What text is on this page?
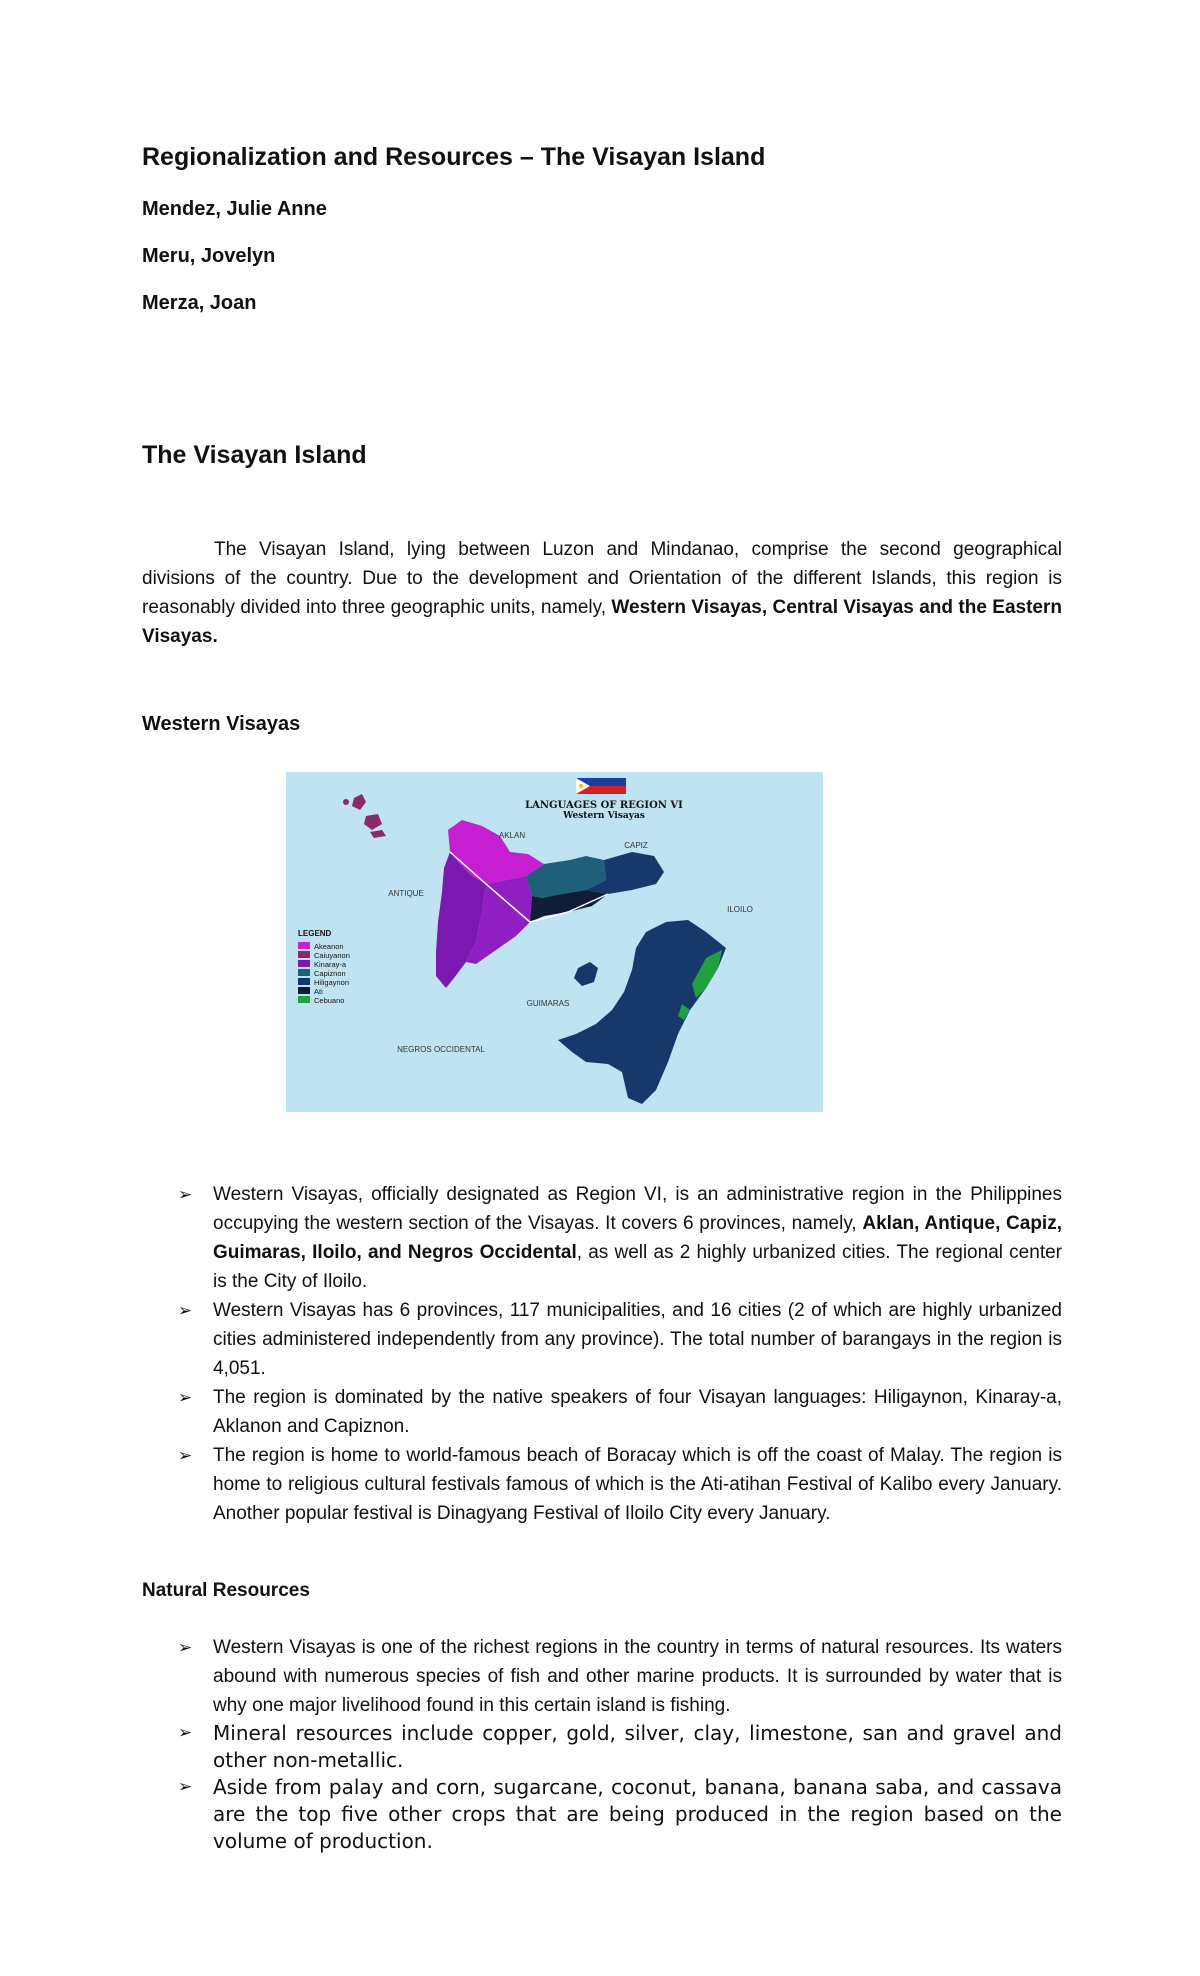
Regionalization and Resources – The Visayan Island

Mendez, Julie Anne

Meru, Jovelyn

Merza, Joan

The Visayan Island

The Visayan Island, lying between Luzon and Mindanao, comprise the second geographical divisions of the country. Due to the development and Orientation of the different Islands, this region is reasonably divided into three geographic units, namely, Western Visayas, Central Visayas and the Eastern Visayas.

Western Visayas
LANGUAGES OF REGION VI
Western Visayas
AKLAN
CAPIZ
ANTIQUE
ILOILO
GUIMARAS
NEGROS OCCIDENTAL
LEGEND
Akeanon
Caiuyanon
Kinaray-a
Capiznon
Hiligaynon
Ati
Cebuano
➢ Western Visayas, officially designated as Region VI, is an administrative region in the Philippines occupying the western section of the Visayas. It covers 6 provinces, namely, Aklan, Antique, Capiz, Guimaras, Iloilo, and Negros Occidental, as well as 2 highly urbanized cities. The regional center is the City of Iloilo.
➢ Western Visayas has 6 provinces, 117 municipalities, and 16 cities (2 of which are highly urbanized cities administered independently from any province). The total number of barangays in the region is 4,051.
➢ The region is dominated by the native speakers of four Visayan languages: Hiligaynon, Kinaray-a, Aklanon and Capiznon.
➢ The region is home to world-famous beach of Boracay which is off the coast of Malay. The region is home to religious cultural festivals famous of which is the Ati-atihan Festival of Kalibo every January. Another popular festival is Dinagyang Festival of Iloilo City every January.
Natural Resources
➢ Western Visayas is one of the richest regions in the country in terms of natural resources. Its waters abound with numerous species of fish and other marine products. It is surrounded by water that is why one major livelihood found in this certain island is fishing.
➢ Mineral resources include copper, gold, silver, clay, limestone, san and gravel and other non-metallic.
➢ Aside from palay and corn, sugarcane, coconut, banana, banana saba, and cassava are the top five other crops that are being produced in the region based on the volume of production.
